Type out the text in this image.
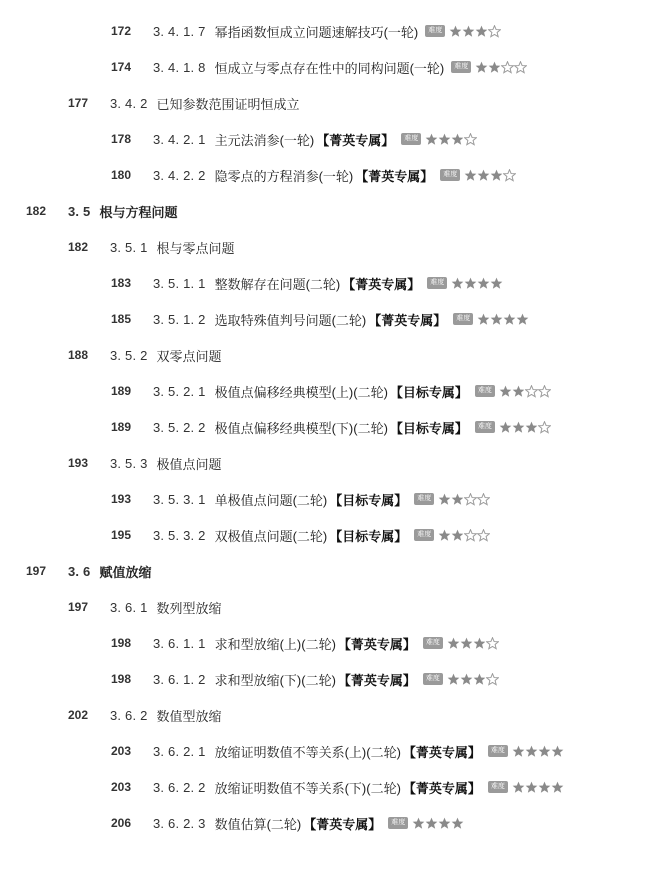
172	3. 4. 1. 7 幂指函数恒成立问题速解技巧(一轮)	难度
174	3. 4. 1. 8 恒成立与零点存在性中的同构问题(一轮)	难度
177	3. 4. 2 已知参数范围证明恒成立
178	3. 4. 2. 1 主元法消参(一轮) 【菁英专属】	难度
180	3. 4. 2. 2 隐零点的方程消参(一轮) 【菁英专属】	难度
182	3. 5 根与方程问题
182	3. 5. 1 根与零点问题
183	3. 5. 1. 1 整数解存在问题(二轮) 【菁英专属】	难度
185	3. 5. 1. 2 选取特殊值判号问题(二轮) 【菁英专属】	难度
188	3. 5. 2 双零点问题
189	3. 5. 2. 1 极值点偏移经典模型(上)(二轮) 【目标专属】	难度
189	3. 5. 2. 2 极值点偏移经典模型(下)(二轮) 【目标专属】	难度
193	3. 5. 3 极值点问题
193	3. 5. 3. 1 单极值点问题(二轮) 【目标专属】	难度
195	3. 5. 3. 2 双极值点问题(二轮) 【目标专属】	难度
197	3. 6 赋值放缩
197	3. 6. 1 数列型放缩
198	3. 6. 1. 1 求和型放缩(上)(二轮) 【菁英专属】	难度
198	3. 6. 1. 2 求和型放缩(下)(二轮) 【菁英专属】	难度
202	3. 6. 2 数值型放缩
203	3. 6. 2. 1 放缩证明数值不等关系(上)(二轮) 【菁英专属】	难度
203	3. 6. 2. 2 放缩证明数值不等关系(下)(二轮) 【菁英专属】	难度
206	3. 6. 2. 3 数值估算(二轮) 【菁英专属】	难度
